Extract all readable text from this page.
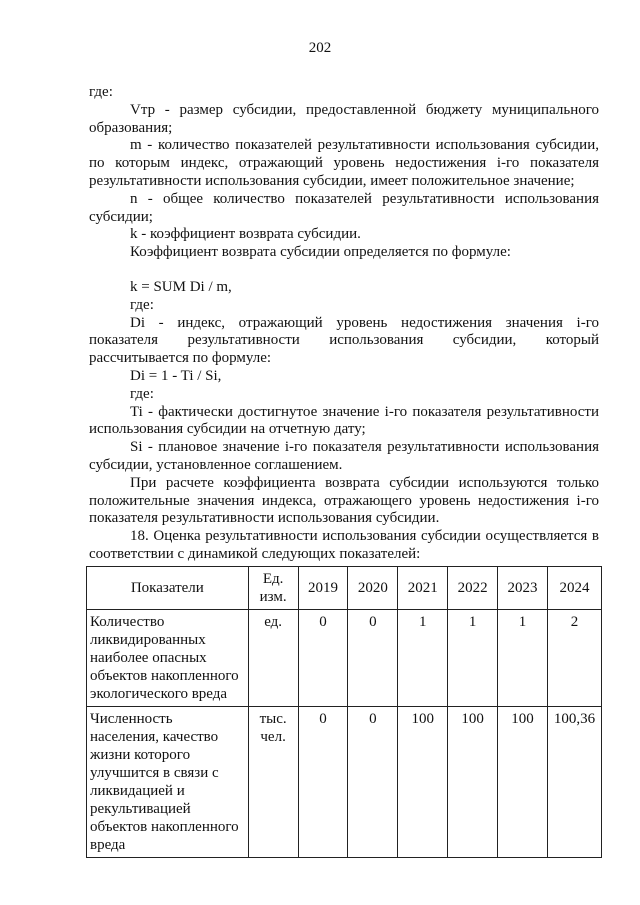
202

где:

Vтр - размер субсидии, предоставленной бюджету муниципального образования;

m - количество показателей результативности использования субсидии, по которым индекс, отражающий уровень недостижения i-го показателя результативности использования субсидии, имеет положительное значение;

n - общее количество показателей результативности использования субсидии;

k - коэффициент возврата субсидии.

Коэффициент возврата субсидии определяется по формуле:

k = SUM Di / m,

где:

Di - индекс, отражающий уровень недостижения значения i-го показателя результативности использования субсидии, который рассчитывается по формуле:

Di = 1 - Ti / Si,

где:

Ti - фактически достигнутое значение i-го показателя результативности использования субсидии на отчетную дату;

Si - плановое значение i-го показателя результативности использования субсидии, установленное соглашением.

При расчете коэффициента возврата субсидии используются только положительные значения индекса, отражающего уровень недостижения i-го показателя результативности использования субсидии.

18. Оценка результативности использования субсидии осуществляется в соответствии с динамикой следующих показателей:

Показатели	Ед. изм.	2019	2020	2021	2022	2023	2024
Количество ликвидированных наиболее опасных объектов накопленного экологического вреда	ед.	0	0	1	1	1	2
Численность населения, качество жизни которого улучшится в связи с ликвидацией и рекультивацией объектов накопленного вреда	тыс. чел.	0	0	100	100	100	100,36
